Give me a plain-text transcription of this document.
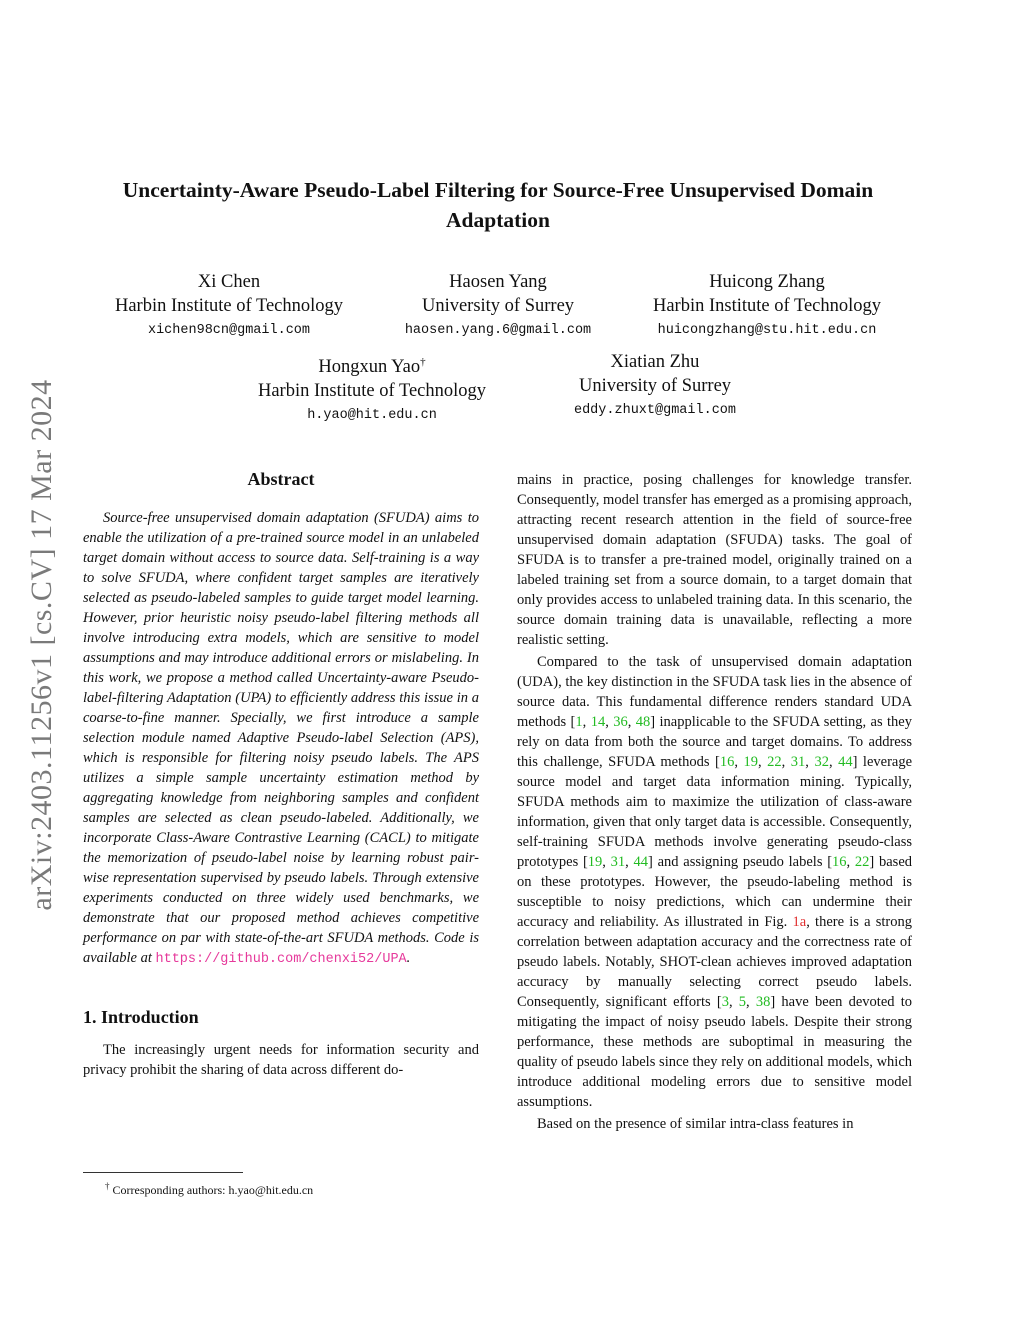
arXiv:2403.11256v1 [cs.CV] 17 Mar 2024
Uncertainty-Aware Pseudo-Label Filtering for Source-Free Unsupervised Domain Adaptation
Xi Chen
Harbin Institute of Technology
xichen98cn@gmail.com
Haosen Yang
University of Surrey
haosen.yang.6@gmail.com
Huicong Zhang
Harbin Institute of Technology
huicongzhang@stu.hit.edu.cn
Hongxun Yao†
Harbin Institute of Technology
h.yao@hit.edu.cn
Xiatian Zhu
University of Surrey
eddy.zhuxt@gmail.com
Abstract

Source-free unsupervised domain adaptation (SFUDA) aims to enable the utilization of a pre-trained source model in an unlabeled target domain without access to source data. Self-training is a way to solve SFUDA, where confident target samples are iteratively selected as pseudo-labeled samples to guide target model learning. However, prior heuristic noisy pseudo-label filtering methods all involve introducing extra models, which are sensitive to model assumptions and may introduce additional errors or mislabeling. In this work, we propose a method called Uncertainty-aware Pseudo-label-filtering Adaptation (UPA) to efficiently address this issue in a coarse-to-fine manner. Specially, we first introduce a sample selection module named Adaptive Pseudo-label Selection (APS), which is responsible for filtering noisy pseudo labels. The APS utilizes a simple sample uncertainty estimation method by aggregating knowledge from neighboring samples and confident samples are selected as clean pseudo-labeled. Additionally, we incorporate Class-Aware Contrastive Learning (CACL) to mitigate the memorization of pseudo-label noise by learning robust pair-wise representation supervised by pseudo labels. Through extensive experiments conducted on three widely used benchmarks, we demonstrate that our proposed method achieves competitive performance on par with state-of-the-art SFUDA methods. Code is available at https://github.com/chenxi52/UPA.

1. Introduction

The increasingly urgent needs for information security and privacy prohibit the sharing of data across different do-

mains in practice, posing challenges for knowledge transfer. Consequently, model transfer has emerged as a promising approach, attracting recent research attention in the field of source-free unsupervised domain adaptation (SFUDA) tasks. The goal of SFUDA is to transfer a pre-trained model, originally trained on a labeled training set from a source domain, to a target domain that only provides access to unlabeled training data. In this scenario, the source domain training data is unavailable, reflecting a more realistic setting.

Compared to the task of unsupervised domain adaptation (UDA), the key distinction in the SFUDA task lies in the absence of source data. This fundamental difference renders standard UDA methods [1, 14, 36, 48] inapplicable to the SFUDA setting, as they rely on data from both the source and target domains. To address this challenge, SFUDA methods [16, 19, 22, 31, 32, 44] leverage source model and target data information mining. Typically, SFUDA methods aim to maximize the utilization of class-aware information, given that only target data is accessible. Consequently, self-training SFUDA methods involve generating pseudo-class prototypes [19, 31, 44] and assigning pseudo labels [16, 22] based on these prototypes. However, the pseudo-labeling method is susceptible to noisy predictions, which can undermine their accuracy and reliability. As illustrated in Fig. 1a, there is a strong correlation between adaptation accuracy and the correctness rate of pseudo labels. Notably, SHOT-clean achieves improved adaptation accuracy by manually selecting correct pseudo labels. Consequently, significant efforts [3, 5, 38] have been devoted to mitigating the impact of noisy pseudo labels. Despite their strong performance, these methods are suboptimal in measuring the quality of pseudo labels since they rely on additional models, which introduce additional modeling errors due to sensitive model assumptions.

Based on the presence of similar intra-class features in

† Corresponding authors: h.yao@hit.edu.cn
